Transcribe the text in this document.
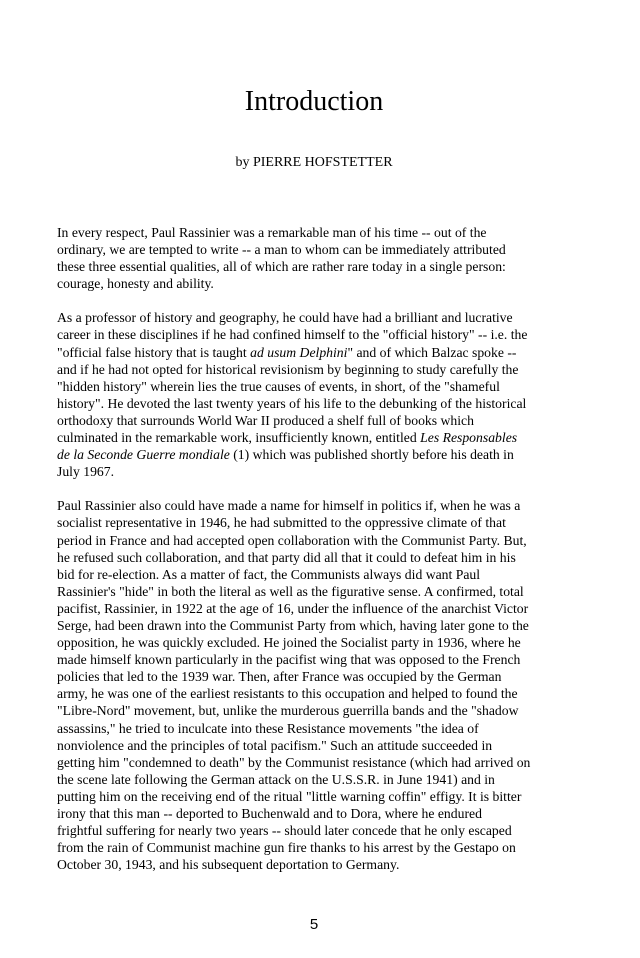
Introduction
by PIERRE HOFSTETTER

In every respect, Paul Rassinier was a remarkable man of his time -- out of the
ordinary, we are tempted to write -- a man to whom can be immediately attributed
these three essential qualities, all of which are rather rare today in a single person:
courage, honesty and ability.

As a professor of history and geography, he could have had a brilliant and lucrative
career in these disciplines if he had confined himself to the "official history" -- i.e. the
"official false history that is taught ad usum Delphini" and of which Balzac spoke --
and if he had not opted for historical revisionism by beginning to study carefully the
"hidden history" wherein lies the true causes of events, in short, of the "shameful
history". He devoted the last twenty years of his life to the debunking of the historical
orthodoxy that surrounds World War II produced a shelf full of books which
culminated in the remarkable work, insufficiently known, entitled Les Responsables
de la Seconde Guerre mondiale (1) which was published shortly before his death in
July 1967.

Paul Rassinier also could have made a name for himself in politics if, when he was a
socialist representative in 1946, he had submitted to the oppressive climate of that
period in France and had accepted open collaboration with the Communist Party. But,
he refused such collaboration, and that party did all that it could to defeat him in his
bid for re-election. As a matter of fact, the Communists always did want Paul
Rassinier's "hide" in both the literal as well as the figurative sense. A confirmed, total
pacifist, Rassinier, in 1922 at the age of 16, under the influence of the anarchist Victor
Serge, had been drawn into the Communist Party from which, having later gone to the
opposition, he was quickly excluded. He joined the Socialist party in 1936, where he
made himself known particularly in the pacifist wing that was opposed to the French
policies that led to the 1939 war. Then, after France was occupied by the German
army, he was one of the earliest resistants to this occupation and helped to found the
"Libre-Nord" movement, but, unlike the murderous guerrilla bands and the "shadow
assassins," he tried to inculcate into these Resistance movements "the idea of
nonviolence and the principles of total pacifism." Such an attitude succeeded in
getting him "condemned to death" by the Communist resistance (which had arrived on
the scene late following the German attack on the U.S.S.R. in June 1941) and in
putting him on the receiving end of the ritual "little warning coffin" effigy. It is bitter
irony that this man -- deported to Buchenwald and to Dora, where he endured
frightful suffering for nearly two years -- should later concede that he only escaped
from the rain of Communist machine gun fire thanks to his arrest by the Gestapo on
October 30, 1943, and his subsequent deportation to Germany.

5
